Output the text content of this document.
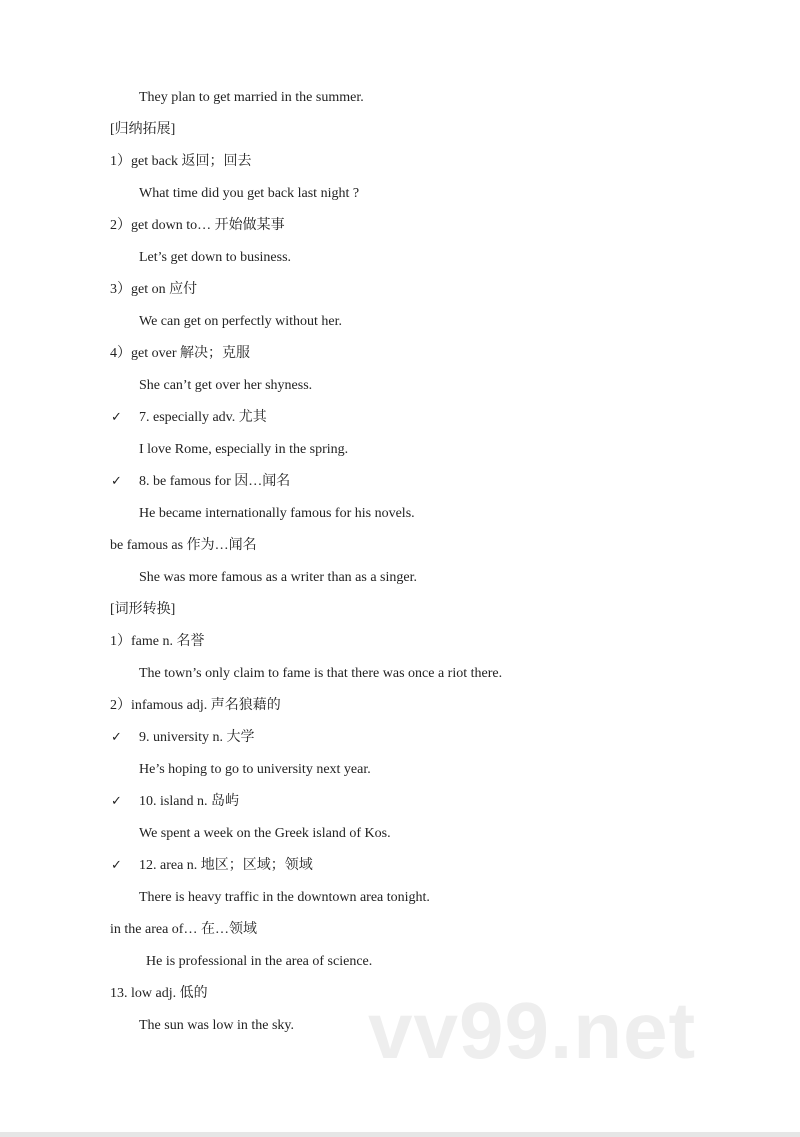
They plan to get married in the summer.
[归纳拓展]
1）get back 返回；回去
What time did you get back last night ?
2）get down to… 开始做某事
Let’s get down to business.
3）get on 应付
We can get on perfectly without her.
4）get over 解决；克服
She can’t get over her shyness.
✓ 7. especially adv. 尤其
I love Rome, especially in the spring.
✓ 8. be famous for 因…闻名
He became internationally famous for his novels.
be famous as 作为…闻名
She was more famous as a writer than as a singer.
[词形转换]
1）fame n. 名誉
The town’s only claim to fame is that there was once a riot there.
2）infamous adj. 声名狼藉的
✓ 9. university n. 大学
He’s hoping to go to university next year.
✓ 10. island n. 岛屿
We spent a week on the Greek island of Kos.
✓ 12. area n. 地区；区域；领域
There is heavy traffic in the downtown area tonight.
in the area of… 在…领域
He is professional in the area of science.
13. low adj. 低的
The sun was low in the sky. vv99.net
